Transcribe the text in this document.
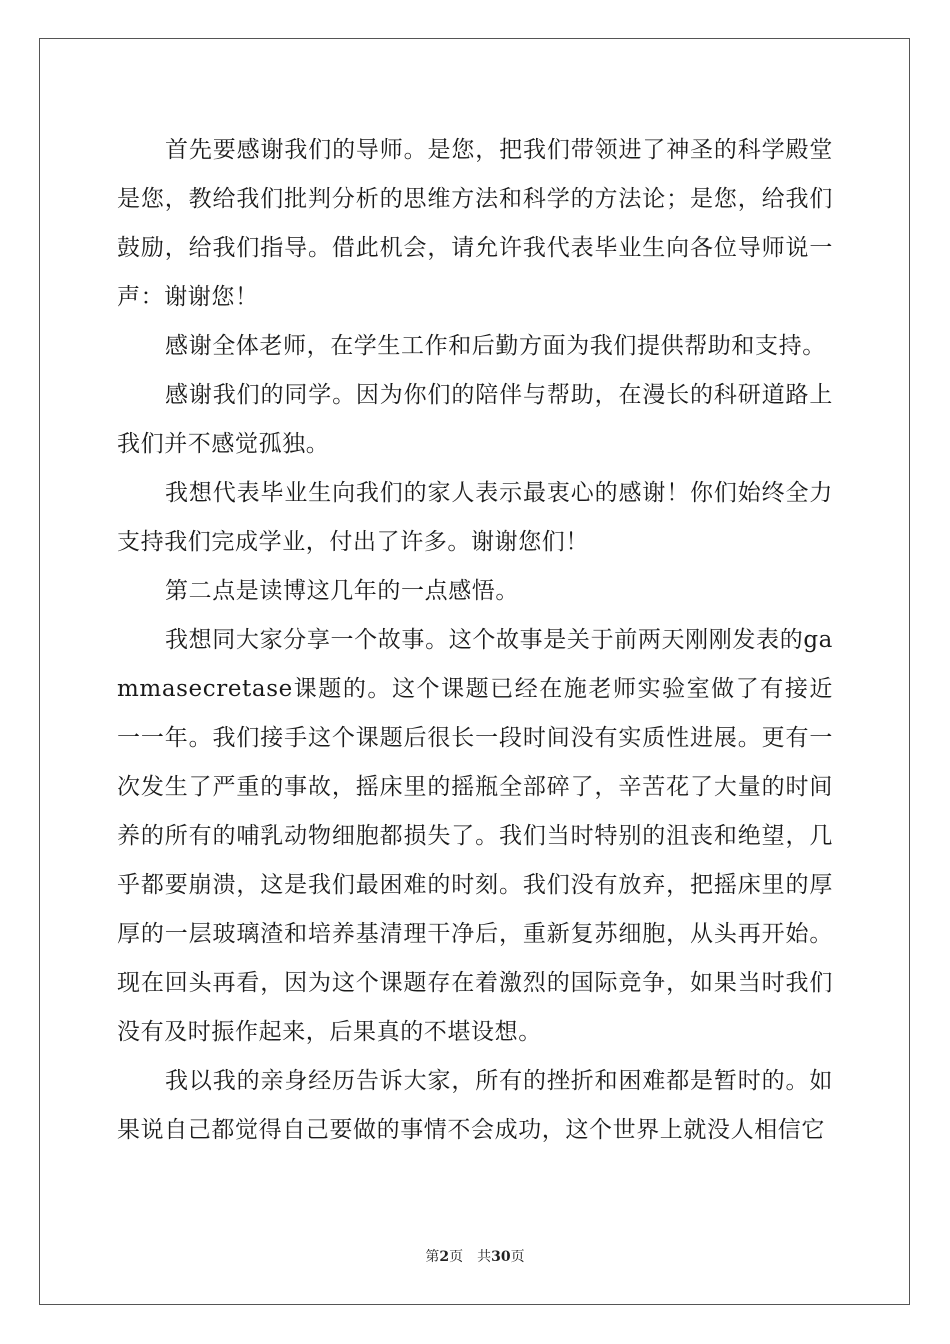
首先要感谢我们的导师。是您，把我们带领进了神圣的科学殿堂是您，教给我们批判分析的思维方法和科学的方法论；是您，给我们鼓励，给我们指导。借此机会，请允许我代表毕业生向各位导师说一声：谢谢您！

感谢全体老师，在学生工作和后勤方面为我们提供帮助和支持。

感谢我们的同学。因为你们的陪伴与帮助，在漫长的科研道路上我们并不感觉孤独。

我想代表毕业生向我们的家人表示最衷心的感谢！你们始终全力支持我们完成学业，付出了许多。谢谢您们！

第二点是读博这几年的一点感悟。

我想同大家分享一个故事。这个故事是关于前两天刚刚发表的gammasecretase课题的。这个课题已经在施老师实验室做了有接近一一年。我们接手这个课题后很长一段时间没有实质性进展。更有一次发生了严重的事故，摇床里的摇瓶全部碎了，辛苦花了大量的时间养的所有的哺乳动物细胞都损失了。我们当时特别的沮丧和绝望，几乎都要崩溃，这是我们最困难的时刻。我们没有放弃，把摇床里的厚厚的一层玻璃渣和培养基清理干净后，重新复苏细胞，从头再开始。现在回头再看，因为这个课题存在着激烈的国际竞争，如果当时我们没有及时振作起来，后果真的不堪设想。

我以我的亲身经历告诉大家，所有的挫折和困难都是暂时的。如果说自己都觉得自己要做的事情不会成功，这个世界上就没人相信它

第2页 共30页
